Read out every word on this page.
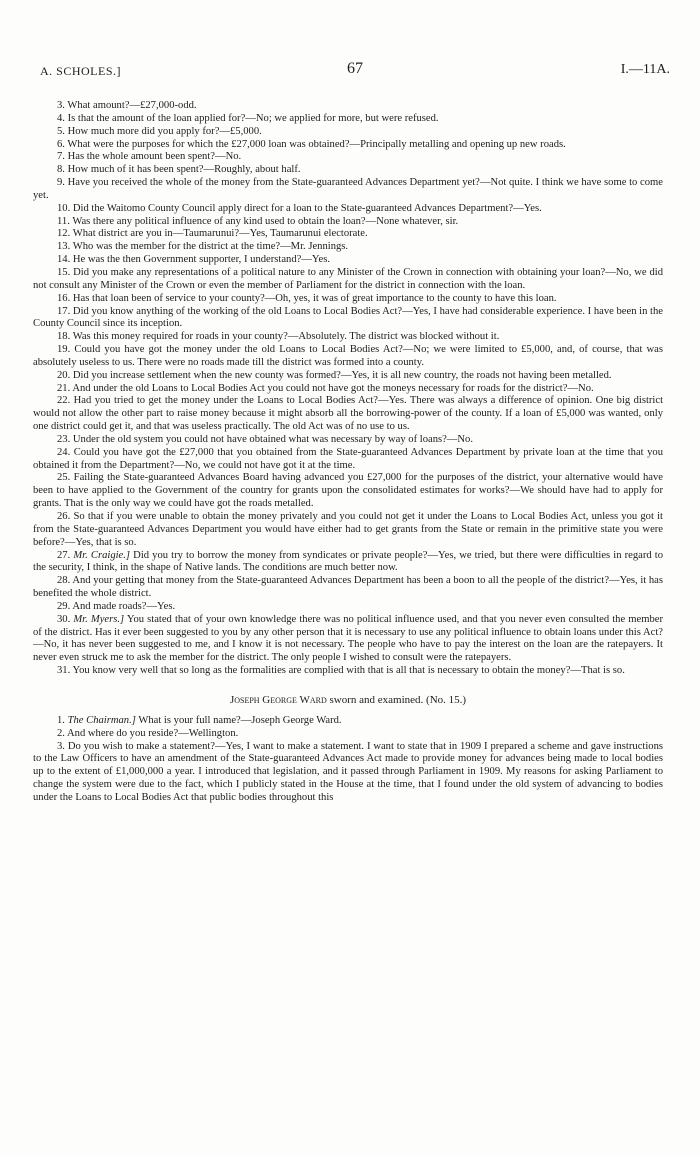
A. SCHOLES.]	67	I.—11A.

3. What amount?—£27,000-odd.

4. Is that the amount of the loan applied for?—No; we applied for more, but were refused.

5. How much more did you apply for?—£5,000.

6. What were the purposes for which the £27,000 loan was obtained?—Principally metalling and opening up new roads.

7. Has the whole amount been spent?—No.

8. How much of it has been spent?—Roughly, about half.

9. Have you received the whole of the money from the State-guaranteed Advances Department yet?—Not quite. I think we have some to come yet.

10. Did the Waitomo County Council apply direct for a loan to the State-guaranteed Advances Department?—Yes.

11. Was there any political influence of any kind used to obtain the loan?—None whatever, sir.

12. What district are you in—Taumarunui?—Yes, Taumarunui electorate.

13. Who was the member for the district at the time?—Mr. Jennings.

14. He was the then Government supporter, I understand?—Yes.

15. Did you make any representations of a political nature to any Minister of the Crown in connection with obtaining your loan?—No, we did not consult any Minister of the Crown or even the member of Parliament for the district in connection with the loan.

16. Has that loan been of service to your county?—Oh, yes, it was of great importance to the county to have this loan.

17. Did you know anything of the working of the old Loans to Local Bodies Act?—Yes, I have had considerable experience. I have been in the County Council since its inception.

18. Was this money required for roads in your county?—Absolutely. The district was blocked without it.

19. Could you have got the money under the old Loans to Local Bodies Act?—No; we were limited to £5,000, and, of course, that was absolutely useless to us. There were no roads made till the district was formed into a county.

20. Did you increase settlement when the new county was formed?—Yes, it is all new country, the roads not having been metalled.

21. And under the old Loans to Local Bodies Act you could not have got the moneys necessary for roads for the district?—No.

22. Had you tried to get the money under the Loans to Local Bodies Act?—Yes. There was always a difference of opinion. One big district would not allow the other part to raise money because it might absorb all the borrowing-power of the county. If a loan of £5,000 was wanted, only one district could get it, and that was useless practically. The old Act was of no use to us.

23. Under the old system you could not have obtained what was necessary by way of loans?—No.

24. Could you have got the £27,000 that you obtained from the State-guaranteed Advances Department by private loan at the time that you obtained it from the Department?—No, we could not have got it at the time.

25. Failing the State-guaranteed Advances Board having advanced you £27,000 for the purposes of the district, your alternative would have been to have applied to the Government of the country for grants upon the consolidated estimates for works?—We should have had to apply for grants. That is the only way we could have got the roads metalled.

26. So that if you were unable to obtain the money privately and you could not get it under the Loans to Local Bodies Act, unless you got it from the State-guaranteed Advances Department you would have either had to get grants from the State or remain in the primitive state you were before?—Yes, that is so.

27. Mr. Craigie.] Did you try to borrow the money from syndicates or private people?—Yes, we tried, but there were difficulties in regard to the security, I think, in the shape of Native lands. The conditions are much better now.

28. And your getting that money from the State-guaranteed Advances Department has been a boon to all the people of the district?—Yes, it has benefited the whole district.

29. And made roads?—Yes.

30. Mr. Myers.] You stated that of your own knowledge there was no political influence used, and that you never even consulted the member of the district. Has it ever been suggested to you by any other person that it is necessary to use any political influence to obtain loans under this Act?—No, it has never been suggested to me, and I know it is not necessary. The people who have to pay the interest on the loan are the ratepayers. It never even struck me to ask the member for the district. The only people I wished to consult were the ratepayers.

31. You know very well that so long as the formalities are complied with that is all that is necessary to obtain the money?—That is so.

Joseph George Ward sworn and examined. (No. 15.)

1. The Chairman.] What is your full name?—Joseph George Ward.

2. And where do you reside?—Wellington.

3. Do you wish to make a statement?—Yes, I want to make a statement. I want to state that in 1909 I prepared a scheme and gave instructions to the Law Officers to have an amendment of the State-guaranteed Advances Act made to provide money for advances being made to local bodies up to the extent of £1,000,000 a year. I introduced that legislation, and it passed through Parliament in 1909. My reasons for asking Parliament to change the system were due to the fact, which I publicly stated in the House at the time, that I found under the old system of advancing to bodies under the Loans to Local Bodies Act that public bodies throughout this
